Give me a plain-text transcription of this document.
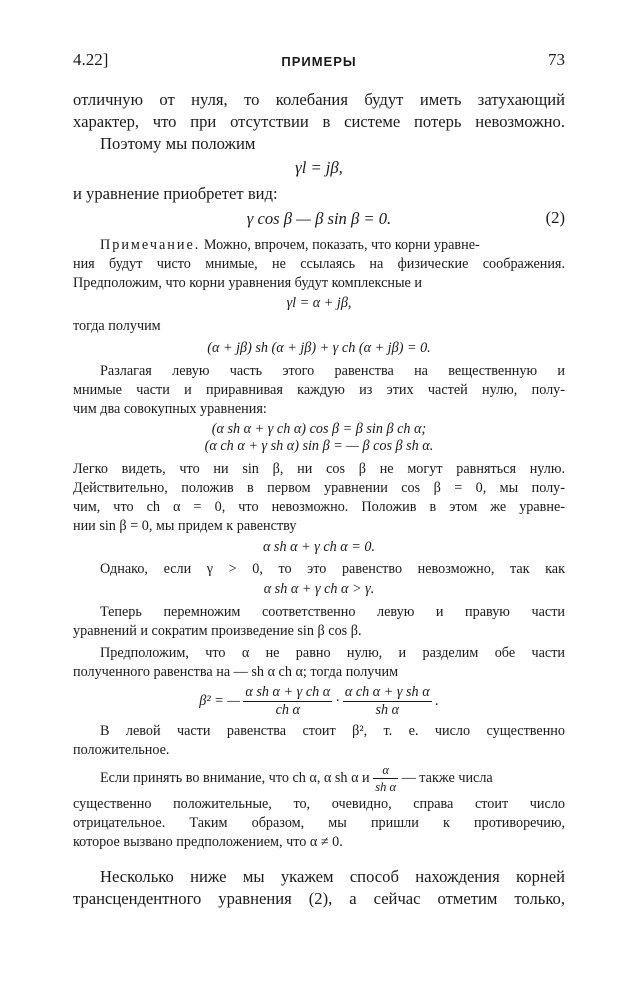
4.22]	ПРИМЕРЫ	73
отличную от нуля, то колебания будут иметь затухающий
характер, что при отсутствии в системе потерь невозможно.
Поэтому мы положим
γl = jβ,
и уравнение приобретет вид:
γ cos β — β sin β = 0.	(2)
Примечание. Можно, впрочем, показать, что корни уравне-
ния будут чисто мнимые, не ссылаясь на физические соображения.
Предположим, что корни уравнения будут комплексные и
γl = α + jβ,
тогда получим
(α + jβ) sh (α + jβ) + γ ch (α + jβ) = 0.
Разлагая левую часть этого равенства на вещественную и
мнимые части и приравнивая каждую из этих частей нулю, полу-
чим два совокупных уравнения:
(α sh α + γ ch α) cos β = β sin β ch α;
(α ch α + γ sh α) sin β = — β cos β sh α.
Легко видеть, что ни sin β, ни cos β не могут равняться нулю.
Действительно, положив в первом уравнении cos β = 0, мы полу-
чим, что ch α = 0, что невозможно. Положив в этом же уравне-
нии sin β = 0, мы придем к равенству
α sh α + γ ch α = 0.
Однако, если γ > 0, то это равенство невозможно, так как
α sh α + γ ch α > γ.
Теперь перемножим соответственно левую и правую части
уравнений и сократим произведение sin β cos β.
Предположим, что α не равно нулю, и разделим обе части
полученного равенства на — sh α ch α; тогда получим
β² = — $\frac{\text{α sh α + γ ch α}}{\text{ch α}} \cdot \frac{\text{α ch α + γ sh α}}{\text{sh α}}$ .
В левой части равенства стоит β², т. е. число существенно
положительное.
Если принять во внимание, что ch α, α sh α и $\frac{\alpha}{\text{sh α}}$ — также числа
существенно положительные, то, очевидно, справа стоит число
отрицательное. Таким образом, мы пришли к противоречию,
которое вызвано предположением, что α ≠ 0.
Несколько ниже мы укажем способ нахождения корней
трансцендентного уравнения (2), а сейчас отметим только,
